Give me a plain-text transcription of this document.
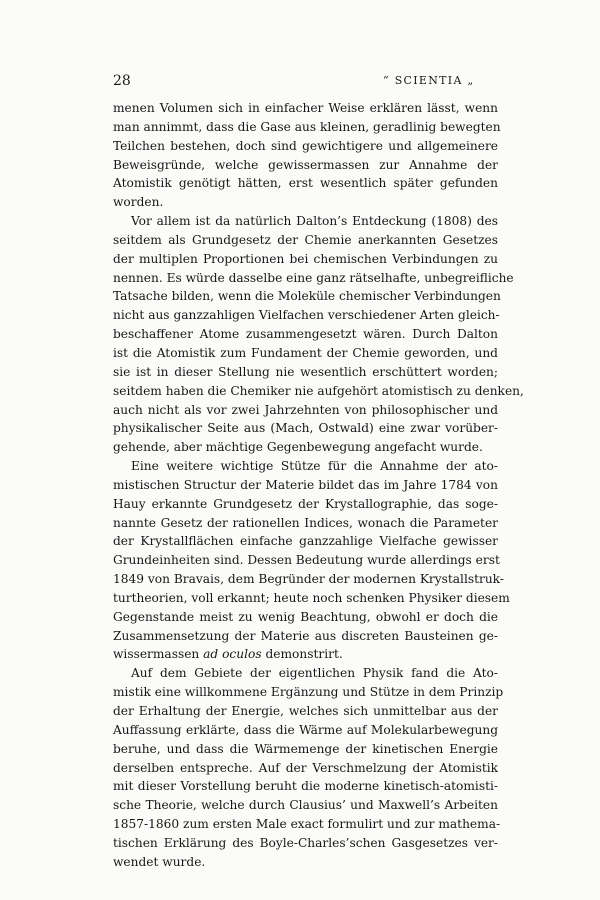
28	“ SCIENTIA „
menen Volumen sich in einfacher Weise erklären lässt, wenn
man annimmt, dass die Gase aus kleinen, geradlinig bewegten
Teilchen bestehen, doch sind gewichtigere und allgemeinere
Beweisgründe, welche gewissermassen zur Annahme der
Atomistik genötigt hätten, erst wesentlich später gefunden
worden.
Vor allem ist da natürlich Dalton’s Entdeckung (1808) des
seitdem als Grundgesetz der Chemie anerkannten Gesetzes
der multiplen Proportionen bei chemischen Verbindungen zu
nennen. Es würde dasselbe eine ganz rätselhafte, unbegreifliche
Tatsache bilden, wenn die Moleküle chemischer Verbindungen
nicht aus ganzzahligen Vielfachen verschiedener Arten gleich-
beschaffener Atome zusammengesetzt wären. Durch Dalton
ist die Atomistik zum Fundament der Chemie geworden, und
sie ist in dieser Stellung nie wesentlich erschüttert worden;
seitdem haben die Chemiker nie aufgehört atomistisch zu denken,
auch nicht als vor zwei Jahrzehnten von philosophischer und
physikalischer Seite aus (Mach, Ostwald) eine zwar vorüber-
gehende, aber mächtige Gegenbewegung angefacht wurde.
Eine weitere wichtige Stütze für die Annahme der ato-
mistischen Structur der Materie bildet das im Jahre 1784 von
Hauy erkannte Grundgesetz der Krystallographie, das soge-
nannte Gesetz der rationellen Indices, wonach die Parameter
der Krystallflächen einfache ganzzahlige Vielfache gewisser
Grundeinheiten sind. Dessen Bedeutung wurde allerdings erst
1849 von Bravais, dem Begründer der modernen Krystallstruk-
turtheorien, voll erkannt; heute noch schenken Physiker diesem
Gegenstande meist zu wenig Beachtung, obwohl er doch die
Zusammensetzung der Materie aus discreten Bausteinen ge-
wissermassen ad oculos demonstrirt.
Auf dem Gebiete der eigentlichen Physik fand die Ato-
mistik eine willkommene Ergänzung und Stütze in dem Prinzip
der Erhaltung der Energie, welches sich unmittelbar aus der
Auffassung erklärte, dass die Wärme auf Molekularbewegung
beruhe, und dass die Wärmemenge der kinetischen Energie
derselben entspreche. Auf der Verschmelzung der Atomistik
mit dieser Vorstellung beruht die moderne kinetisch-atomisti-
sche Theorie, welche durch Clausius’ und Maxwell’s Arbeiten
1857-1860 zum ersten Male exact formulirt und zur mathema-
tischen Erklärung des Boyle-Charles’schen Gasgesetzes ver-
wendet wurde.
